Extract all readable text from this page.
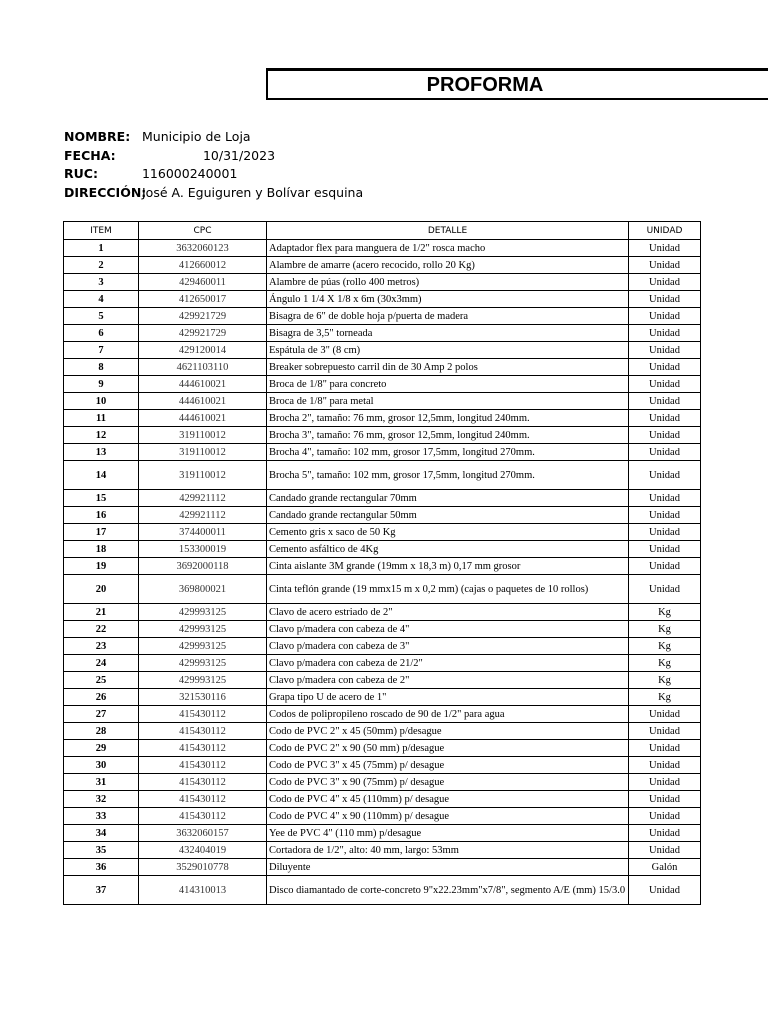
PROFORMA
NOMBRE: Municipio de Loja
FECHA:	10/31/2023
RUC:	116000240001
DIRECCIÓN: José A. Eguiguren y Bolívar esquina
ITEM	CPC	DETALLE	UNIDAD
1	3632060123	Adaptador flex para manguera de 1/2" rosca macho	Unidad
2	412660012	Alambre de amarre (acero recocido, rollo 20 Kg)	Unidad
3	429460011	Alambre de púas (rollo 400 metros)	Unidad
4	412650017	Ángulo 1 1/4 X 1/8 x 6m (30x3mm)	Unidad
5	429921729	Bisagra de 6" de doble hoja p/puerta de madera	Unidad
6	429921729	Bisagra de 3,5" torneada	Unidad
7	429120014	Espátula de 3" (8 cm)	Unidad
8	4621103110	Breaker sobrepuesto carril din de 30 Amp 2 polos	Unidad
9	444610021	Broca de 1/8" para concreto	Unidad
10	444610021	Broca de 1/8" para metal	Unidad
11	444610021	Brocha 2", tamaño: 76 mm, grosor 12,5mm, longitud 240mm.	Unidad
12	319110012	Brocha 3", tamaño: 76 mm, grosor 12,5mm, longitud 240mm.	Unidad
13	319110012	Brocha 4", tamaño: 102 mm, grosor 17,5mm, longitud 270mm.	Unidad
14	319110012	Brocha 5", tamaño: 102 mm, grosor 17,5mm, longitud 270mm.	Unidad
15	429921112	Candado grande rectangular 70mm	Unidad
16	429921112	Candado grande rectangular 50mm	Unidad
17	374400011	Cemento gris x saco de 50 Kg	Unidad
18	153300019	Cemento asfáltico de 4Kg	Unidad
19	3692000118	Cinta aislante 3M grande (19mm x 18,3 m) 0,17 mm grosor	Unidad
20	369800021	Cinta teflón grande (19 mmx15 m x 0,2 mm) (cajas o paquetes de 10 rollos)	Unidad
21	429993125	Clavo de acero estriado de 2"	Kg
22	429993125	Clavo p/madera con cabeza de 4"	Kg
23	429993125	Clavo p/madera con cabeza de 3"	Kg
24	429993125	Clavo p/madera con cabeza de 21/2"	Kg
25	429993125	Clavo p/madera con cabeza de 2"	Kg
26	321530116	Grapa tipo U de acero de 1"	Kg
27	415430112	Codos de polipropileno roscado de 90 de 1/2" para agua	Unidad
28	415430112	Codo de PVC 2" x 45 (50mm) p/desague	Unidad
29	415430112	Codo de PVC 2" x 90 (50 mm) p/desague	Unidad
30	415430112	Codo de PVC 3" x 45 (75mm) p/ desague	Unidad
31	415430112	Codo de PVC 3" x 90 (75mm) p/ desague	Unidad
32	415430112	Codo de PVC 4" x 45 (110mm) p/ desague	Unidad
33	415430112	Codo de PVC 4" x 90 (110mm) p/ desague	Unidad
34	3632060157	Yee de PVC 4" (110 mm) p/desague	Unidad
35	432404019	Cortadora de 1/2", alto: 40 mm, largo: 53mm	Unidad
36	3529010778	Diluyente	Galón
37	414310013	Disco diamantado de corte-concreto 9"x22.23mm"x7/8", segmento A/E (mm) 15/3.0	Unidad
